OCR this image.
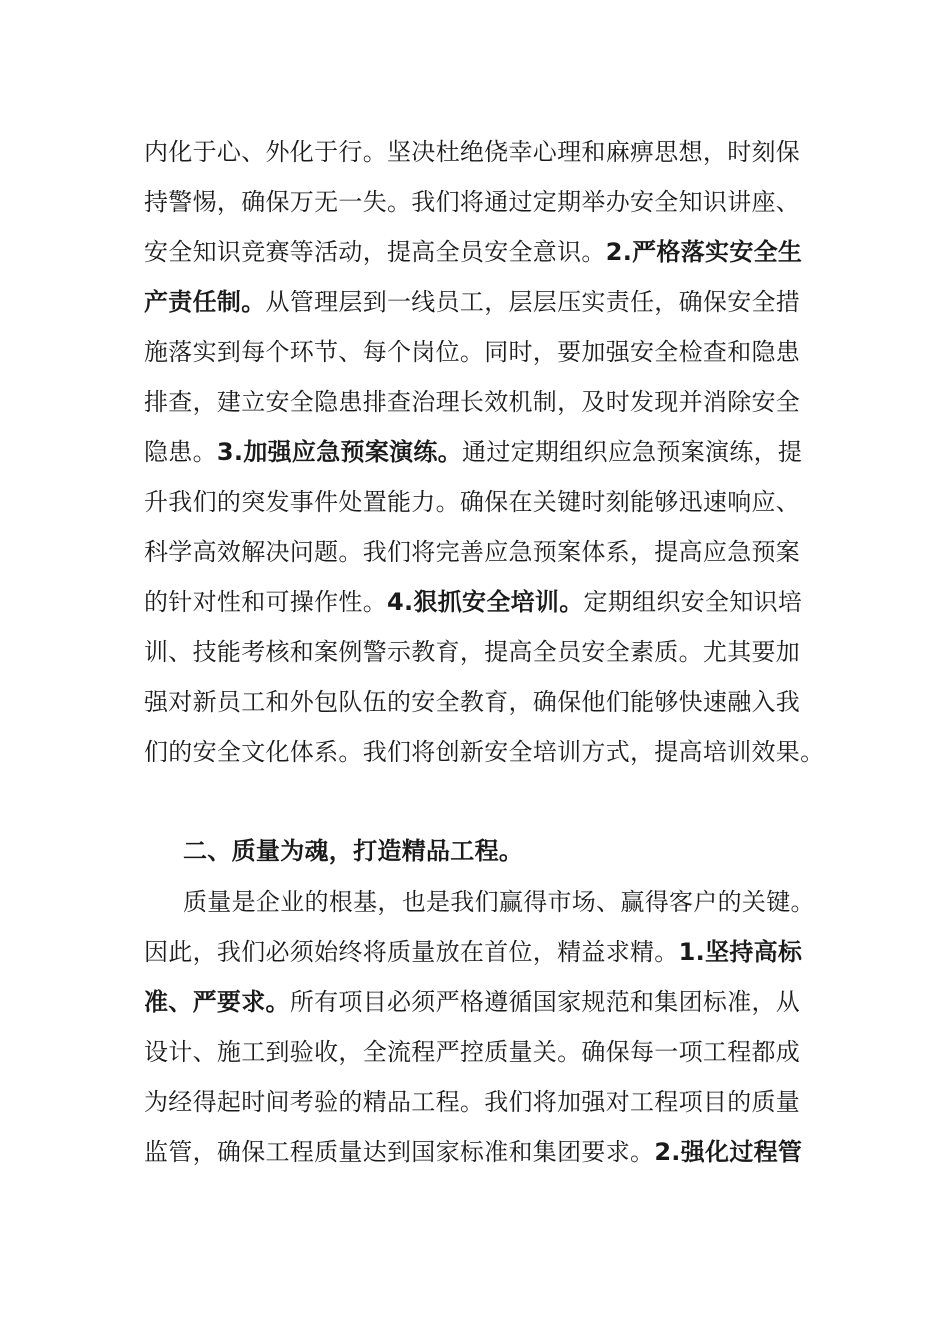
内化于心、外化于行。坚决杜绝侥幸心理和麻痹思想，时刻保
持警惕，确保万无一失。我们将通过定期举办安全知识讲座、
安全知识竞赛等活动，提高全员安全意识。2.严格落实安全生
产责任制。从管理层到一线员工，层层压实责任，确保安全措
施落实到每个环节、每个岗位。同时，要加强安全检查和隐患
排查，建立安全隐患排查治理长效机制，及时发现并消除安全
隐患。3.加强应急预案演练。通过定期组织应急预案演练，提
升我们的突发事件处置能力。确保在关键时刻能够迅速响应、
科学高效解决问题。我们将完善应急预案体系，提高应急预案
的针对性和可操作性。4.狠抓安全培训。定期组织安全知识培
训、技能考核和案例警示教育，提高全员安全素质。尤其要加
强对新员工和外包队伍的安全教育，确保他们能够快速融入我
们的安全文化体系。我们将创新安全培训方式，提高培训效果。
二、质量为魂，打造精品工程。
质量是企业的根基，也是我们赢得市场、赢得客户的关键。
因此，我们必须始终将质量放在首位，精益求精。1.坚持高标
准、严要求。所有项目必须严格遵循国家规范和集团标准，从
设计、施工到验收，全流程严控质量关。确保每一项工程都成
为经得起时间考验的精品工程。我们将加强对工程项目的质量
监管，确保工程质量达到国家标准和集团要求。2.强化过程管
